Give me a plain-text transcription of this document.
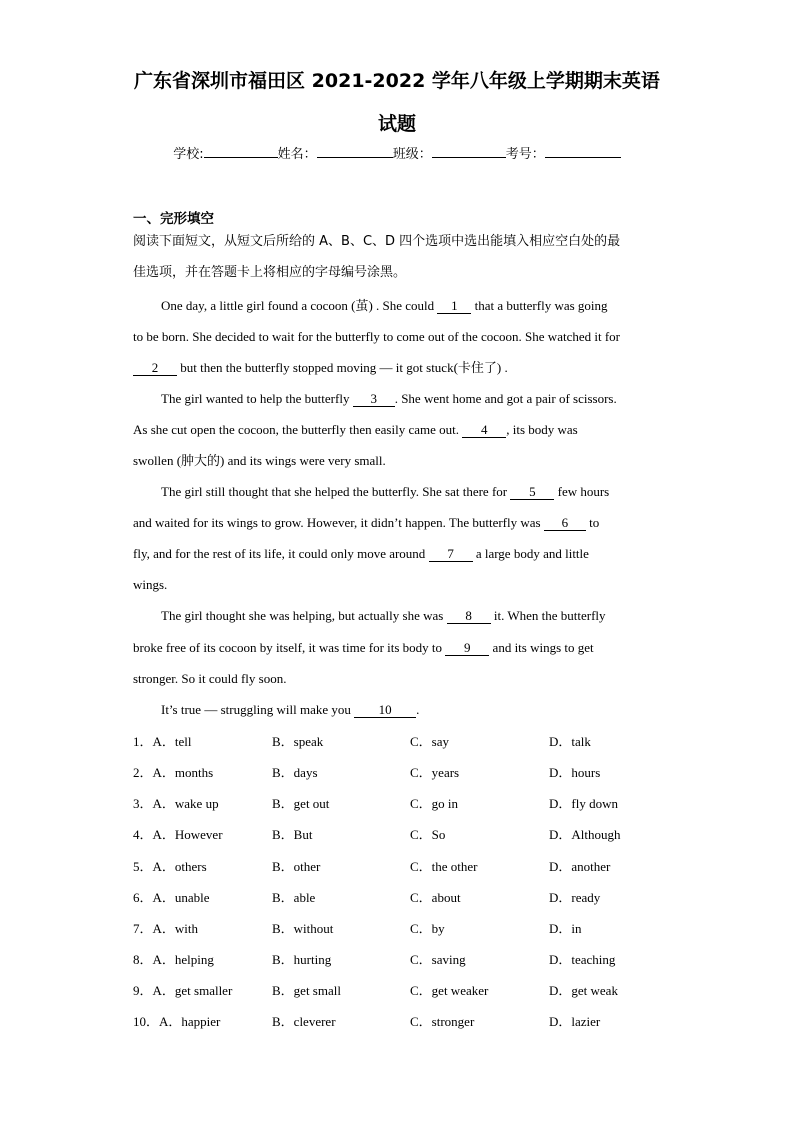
广东省深圳市福田区 2021-2022 学年八年级上学期期末英语
试题
学校:	姓名：	班级：	考号：
一、完形填空
阅读下面短文，从短文后所给的 A、B、C、D 四个选项中选出能填入相应空白处的最
佳选项，并在答题卡上将相应的字母编号涂黑。
One day, a little girl found a cocoon (茧) . She could 1 that a butterfly was going
to be born. She decided to wait for the butterfly to come out of the cocoon. She watched it for
2 but then the butterfly stopped moving — it got stuck(卡住了) .
The girl wanted to help the butterfly 3 . She went home and got a pair of scissors.
As she cut open the cocoon, the butterfly then easily came out. 4 , its body was
swollen (肿大的) and its wings were very small.
The girl still thought that she helped the butterfly. She sat there for 5 few hours
and waited for its wings to grow. However, it didn’t happen. The butterfly was 6 to
fly, and for the rest of its life, it could only move around 7 a large body and little
wings.
The girl thought she was helping, but actually she was 8 it. When the butterfly
broke free of its cocoon by itself, it was time for its body to 9 and its wings to get
stronger. So it could fly soon.
It’s true — struggling will make you 10 .
1．A．tell	B．speak	C．say	D．talk
2．A．months	B．days	C．years	D．hours
3．A．wake up	B．get out	C．go in	D．fly down
4．A．However	B．But	C．So	D．Although
5．A．others	B．other	C．the other	D．another
6．A．unable	B．able	C．about	D．ready
7．A．with	B．without	C．by	D．in
8．A．helping	B．hurting	C．saving	D．teaching
9．A．get smaller	B．get small	C．get weaker	D．get weak
10．A．happier	B．cleverer	C．stronger	D．lazier
